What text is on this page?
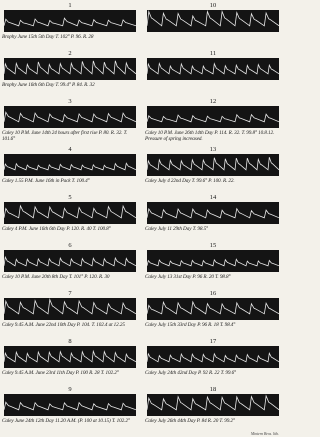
1
Brophy June 15th 5th Day T. 102° P. 96. R. 28
2
Brophy June 16th 6th Day T. 99.4° P. 84. R. 32
3
Caley 10 P.M. June 14th 24 hours after first rise P. 80. R. 32. T. 101.6°
4
Caley 1.55 P.M. June 16th in Pack T. 100.4°
5
Caley 4 P.M. June 16th 6th Day P. 120. R. 40 T. 100.8°
6
Caley 10 P.M. June 20th 8th Day T. 101° P. 120. R. 30
7
Caley 9.45 A.M. June 22nd 10th Day P. 104. T. 102.4 at 12.25
8
Caley 9.45 A.M. June 23rd 11th Day P. 100 R. 28 T. 102.2°
9
Caley June 24th 12th Day 11.20 A.M. (P. 100 at 10.15) T. 102.2°
10
11
12
Caley 10 P.M. June 26th 14th Day P. 114. R. 32. T. 99.8° 10.8.12. Pressure of spring increased.
13
Caley July 4 22nd Day T. 99.6° P. 100. R. 22.
14
Caley July 11 29th Day T. 98.5°
15
Caley July 13 31st Day P. 96 R. 20 T. 98.8°
16
Caley July 15th 33rd Day P. 96 R. 18 T. 98.4°
17
Caley July 24th 42nd Day P. 92 R. 22 T. 99.6°
18
Caley July 26th 44th Day P. 84 R. 20 T. 99.2°
Mintern Bros. lith.
